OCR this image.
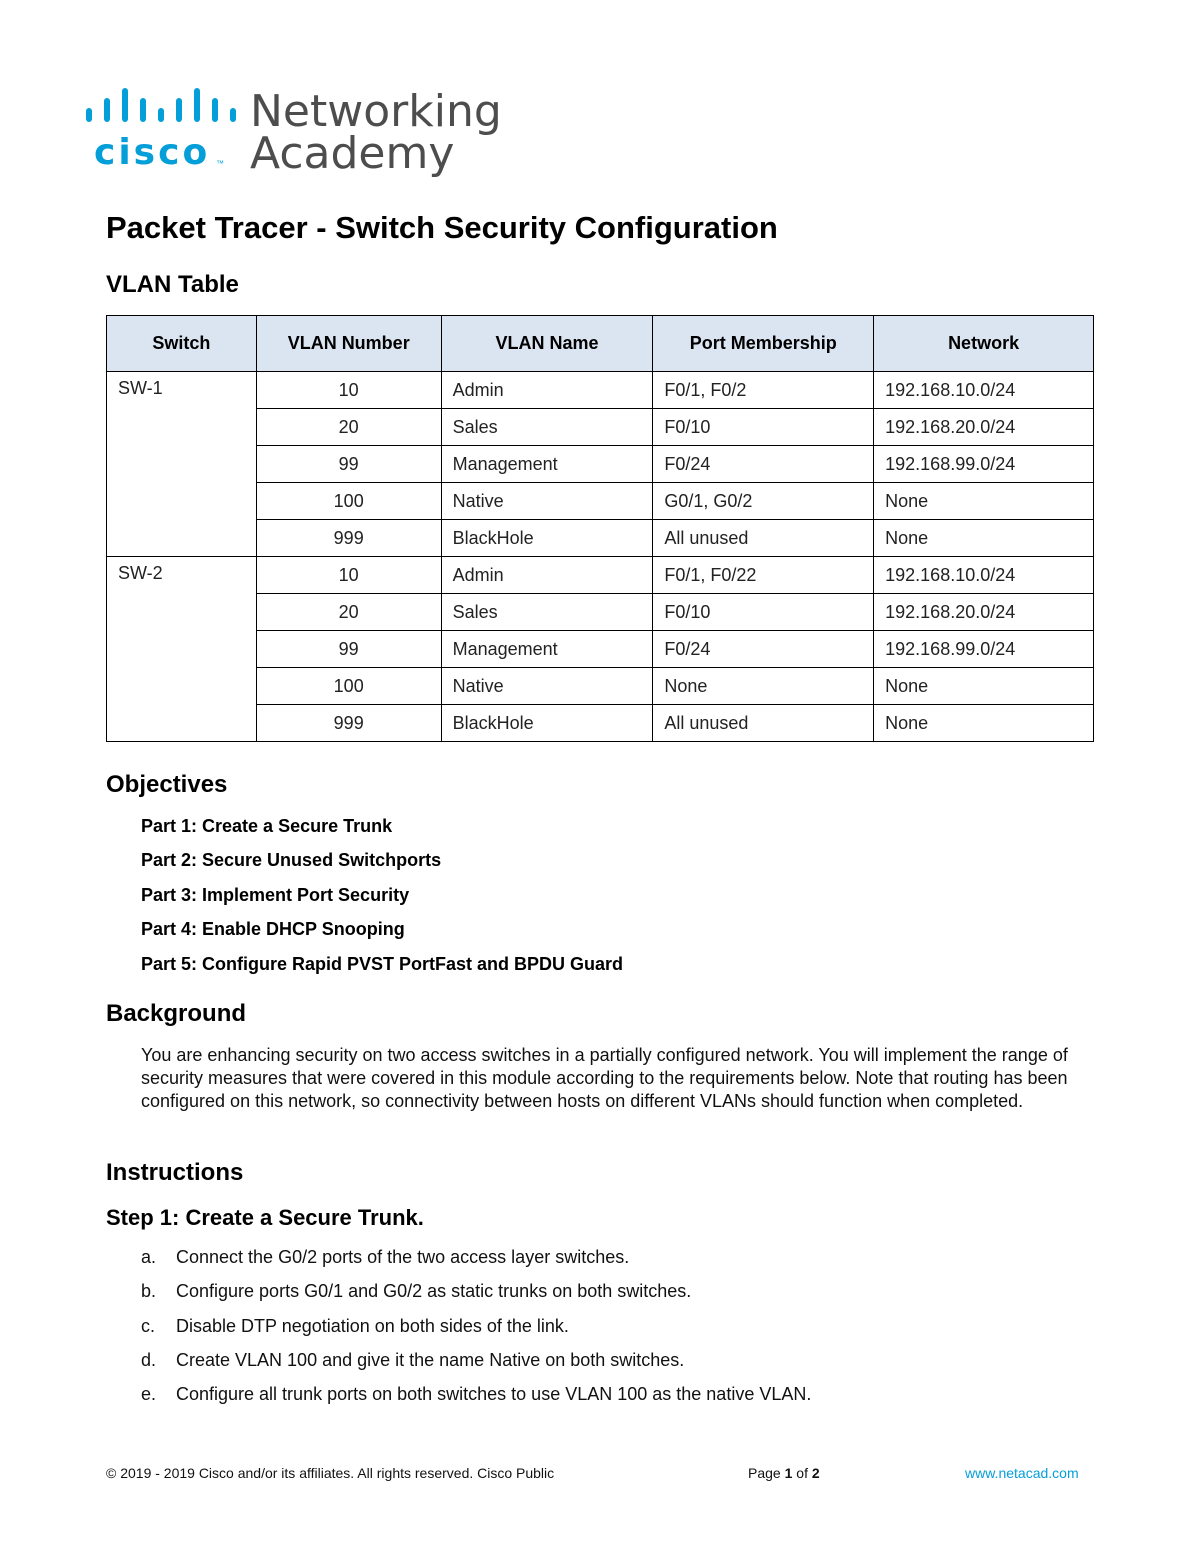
cisco ™
Networking
Academy
Packet Tracer - Switch Security Configuration
VLAN Table
Switch	VLAN Number	VLAN Name	Port Membership	Network
SW-1	10	Admin	F0/1, F0/2	192.168.10.0/24
	20	Sales	F0/10	192.168.20.0/24
	99	Management	F0/24	192.168.99.0/24
	100	Native	G0/1, G0/2	None
	999	BlackHole	All unused	None
SW-2	10	Admin	F0/1, F0/22	192.168.10.0/24
	20	Sales	F0/10	192.168.20.0/24
	99	Management	F0/24	192.168.99.0/24
	100	Native	None	None
	999	BlackHole	All unused	None
Objectives
Part 1: Create a Secure Trunk
Part 2: Secure Unused Switchports
Part 3: Implement Port Security
Part 4: Enable DHCP Snooping
Part 5: Configure Rapid PVST PortFast and BPDU Guard
Background

You are enhancing security on two access switches in a partially configured network. You will implement the range of security measures that were covered in this module according to the requirements below. Note that routing has been configured on this network, so connectivity between hosts on different VLANs should function when completed.

Instructions
Step 1: Create a Secure Trunk.
a. Connect the G0/2 ports of the two access layer switches.
b. Configure ports G0/1 and G0/2 as static trunks on both switches.
c. Disable DTP negotiation on both sides of the link.
d. Create VLAN 100 and give it the name Native on both switches.
e. Configure all trunk ports on both switches to use VLAN 100 as the native VLAN.
© 2019 - 2019 Cisco and/or its affiliates. All rights reserved. Cisco Public	Page 1 of 2	www.netacad.com
